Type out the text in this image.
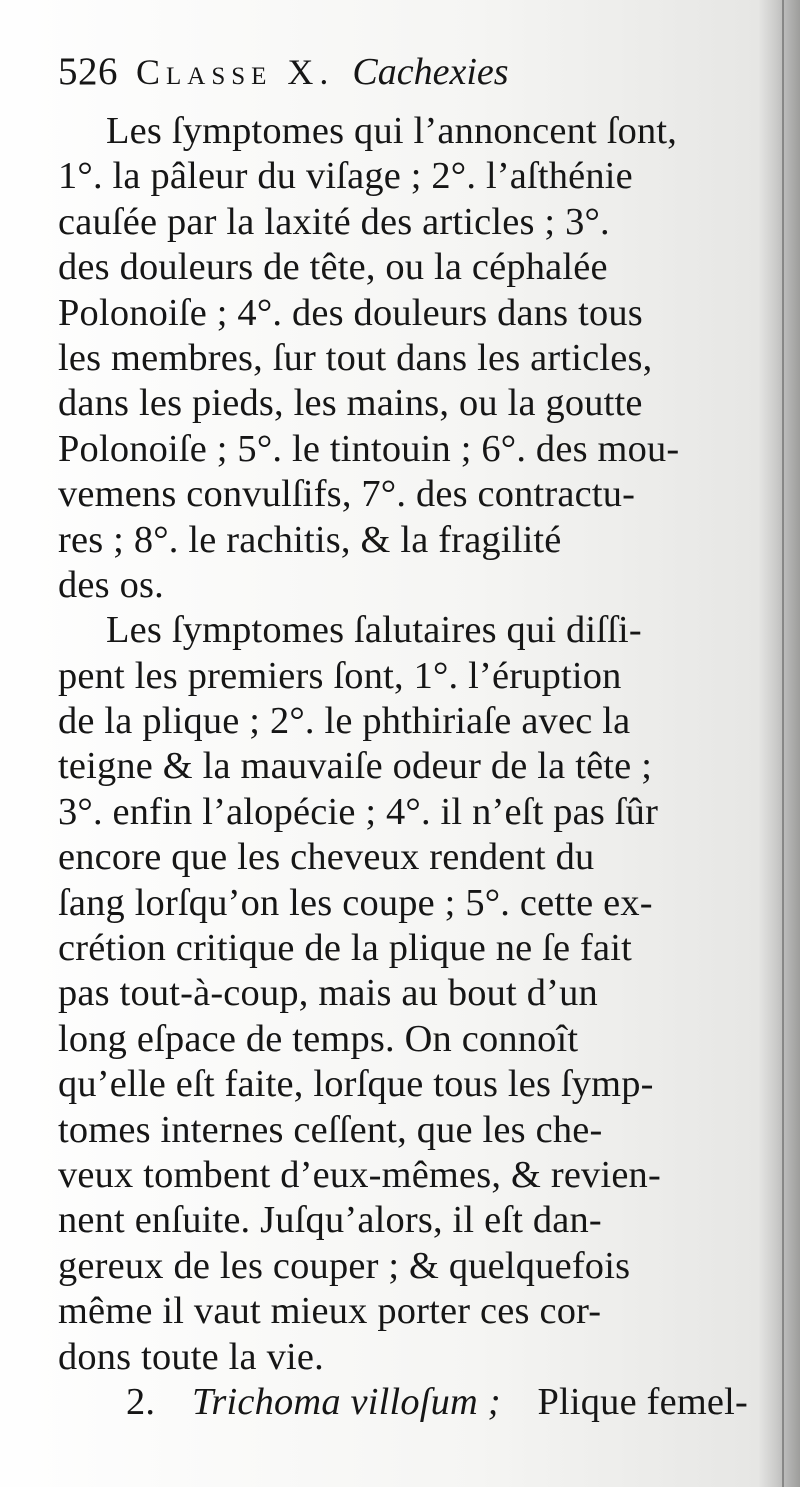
526 Classe X. Cachexies
Les ſymptomes qui l’annoncent ſont,
1°. la pâleur du viſage ; 2°. l’aſthénie
cauſée par la laxité des articles ; 3°.
des douleurs de tête, ou la céphalée
Polonoiſe ; 4°. des douleurs dans tous
les membres, ſur tout dans les articles,
dans les pieds, les mains, ou la goutte
Polonoiſe ; 5°. le tintouin ; 6°. des mou-
vemens convulſifs, 7°. des contractu-
res ; 8°. le rachitis, & la fragilité
des os.
Les ſymptomes ſalutaires qui diſſi-
pent les premiers ſont, 1°. l’éruption
de la plique ; 2°. le phthiriaſe avec la
teigne & la mauvaiſe odeur de la tête ;
3°. enfin l’alopécie ; 4°. il n’eſt pas ſûr
encore que les cheveux rendent du
ſang lorſqu’on les coupe ; 5°. cette ex-
crétion critique de la plique ne ſe fait
pas tout-à-coup, mais au bout d’un
long eſpace de temps. On connoît
qu’elle eſt faite, lorſque tous les ſymp-
tomes internes ceſſent, que les che-
veux tombent d’eux-mêmes, & revien-
nent enſuite. Juſqu’alors, il eſt dan-
gereux de les couper ; & quelquefois
même il vaut mieux porter ces cor-
dons toute la vie.
2. Trichoma villoſum ; Plique femel-
